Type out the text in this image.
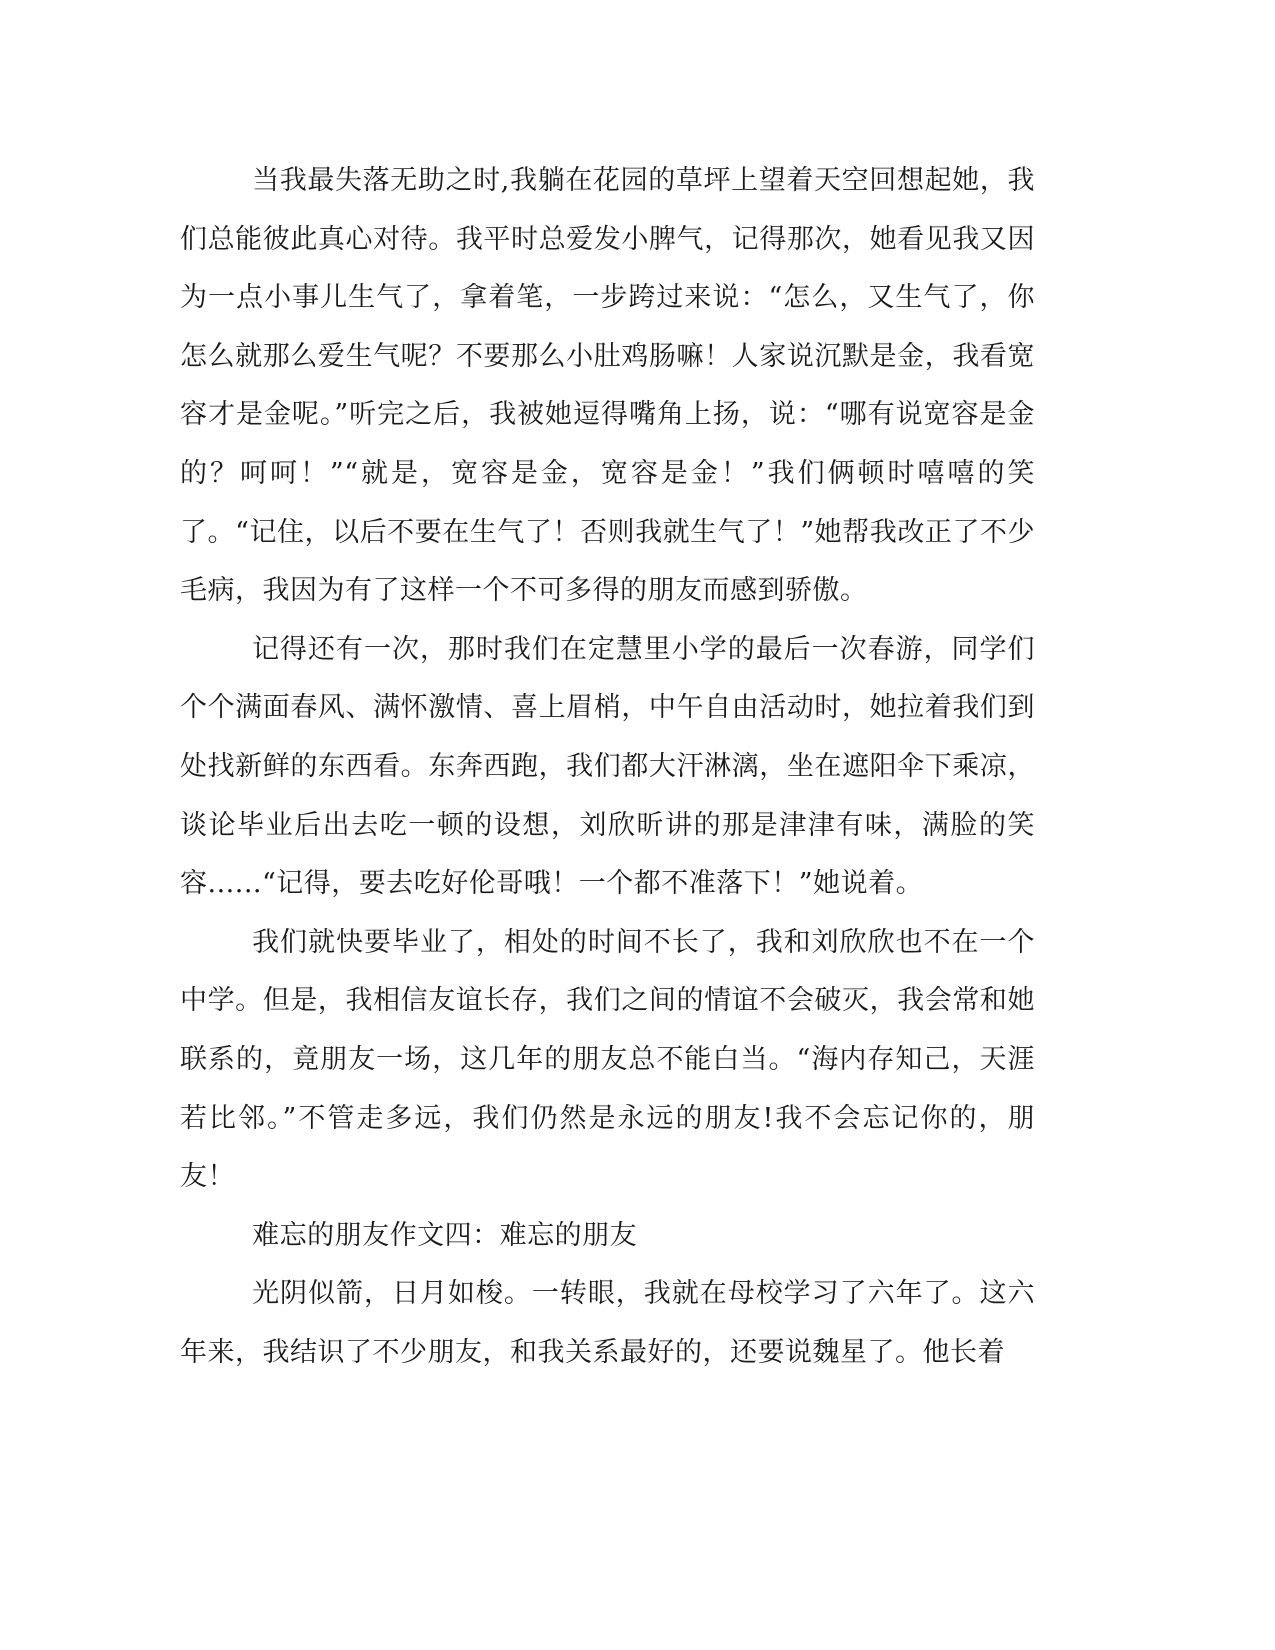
当我最失落无助之时,我躺在花园的草坪上望着天空回想起她，我们总能彼此真心对待。我平时总爱发小脾气，记得那次，她看见我又因为一点小事儿生气了，拿着笔，一步跨过来说：“怎么，又生气了，你怎么就那么爱生气呢？不要那么小肚鸡肠嘛！人家说沉默是金，我看宽容才是金呢。”听完之后，我被她逗得嘴角上扬，说：“哪有说宽容是金的？呵呵！”“就是，宽容是金，宽容是金！”我们俩顿时嘻嘻的笑了。“记住，以后不要在生气了！否则我就生气了！”她帮我改正了不少毛病，我因为有了这样一个不可多得的朋友而感到骄傲。

记得还有一次，那时我们在定慧里小学的最后一次春游，同学们个个满面春风、满怀激情、喜上眉梢，中午自由活动时，她拉着我们到处找新鲜的东西看。东奔西跑，我们都大汗淋漓，坐在遮阳伞下乘凉，谈论毕业后出去吃一顿的设想，刘欣昕讲的那是津津有味，满脸的笑容......“记得，要去吃好伦哥哦！一个都不准落下！”她说着。

我们就快要毕业了，相处的时间不长了，我和刘欣欣也不在一个中学。但是，我相信友谊长存，我们之间的情谊不会破灭，我会常和她联系的，竟朋友一场，这几年的朋友总不能白当。“海内存知己，天涯若比邻。”不管走多远，我们仍然是永远的朋友!我不会忘记你的，朋友！

难忘的朋友作文四：难忘的朋友

光阴似箭，日月如梭。一转眼，我就在母校学习了六年了。这六年来，我结识了不少朋友，和我关系最好的，还要说魏星了。他长着
